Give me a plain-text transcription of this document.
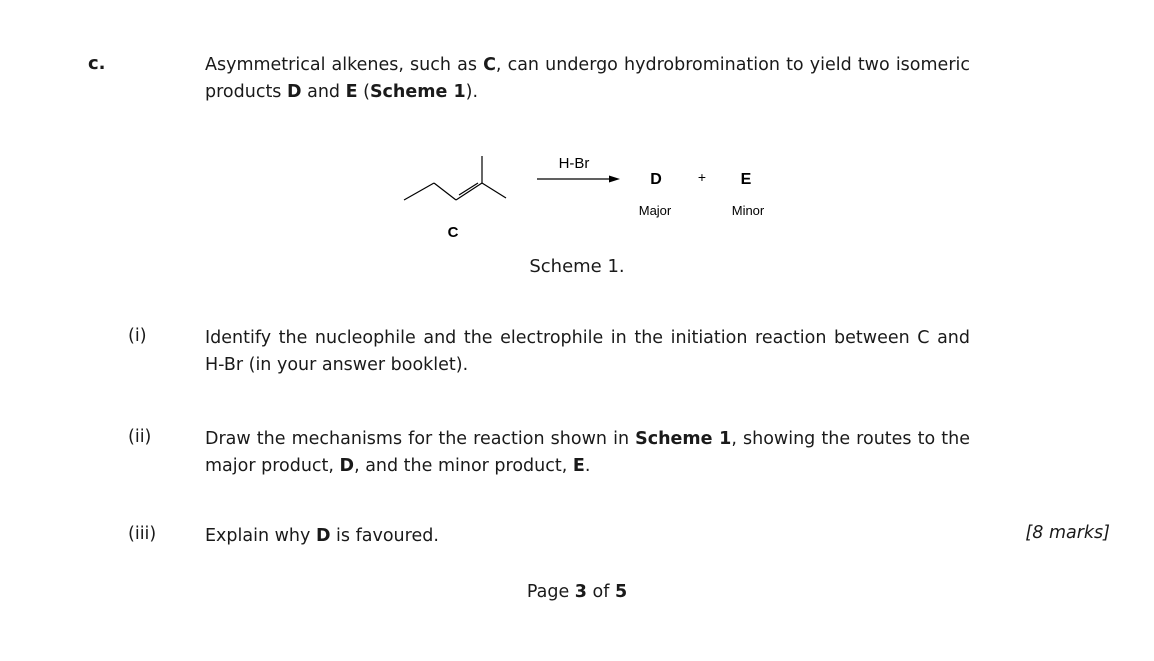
c.	Asymmetrical alkenes, such as C, can undergo hydrobromination to yield two isomeric products D and E (Scheme 1).
C
H-Br
D	+ E
Major	Minor
Scheme 1.
(i)	Identify the nucleophile and the electrophile in the initiation reaction between C and H-Br (in your answer booklet).
(ii)	Draw the mechanisms for the reaction shown in Scheme 1, showing the routes to the major product, D, and the minor product, E.
(iii)	Explain why D is favoured.	[8 marks]
Page 3 of 5
